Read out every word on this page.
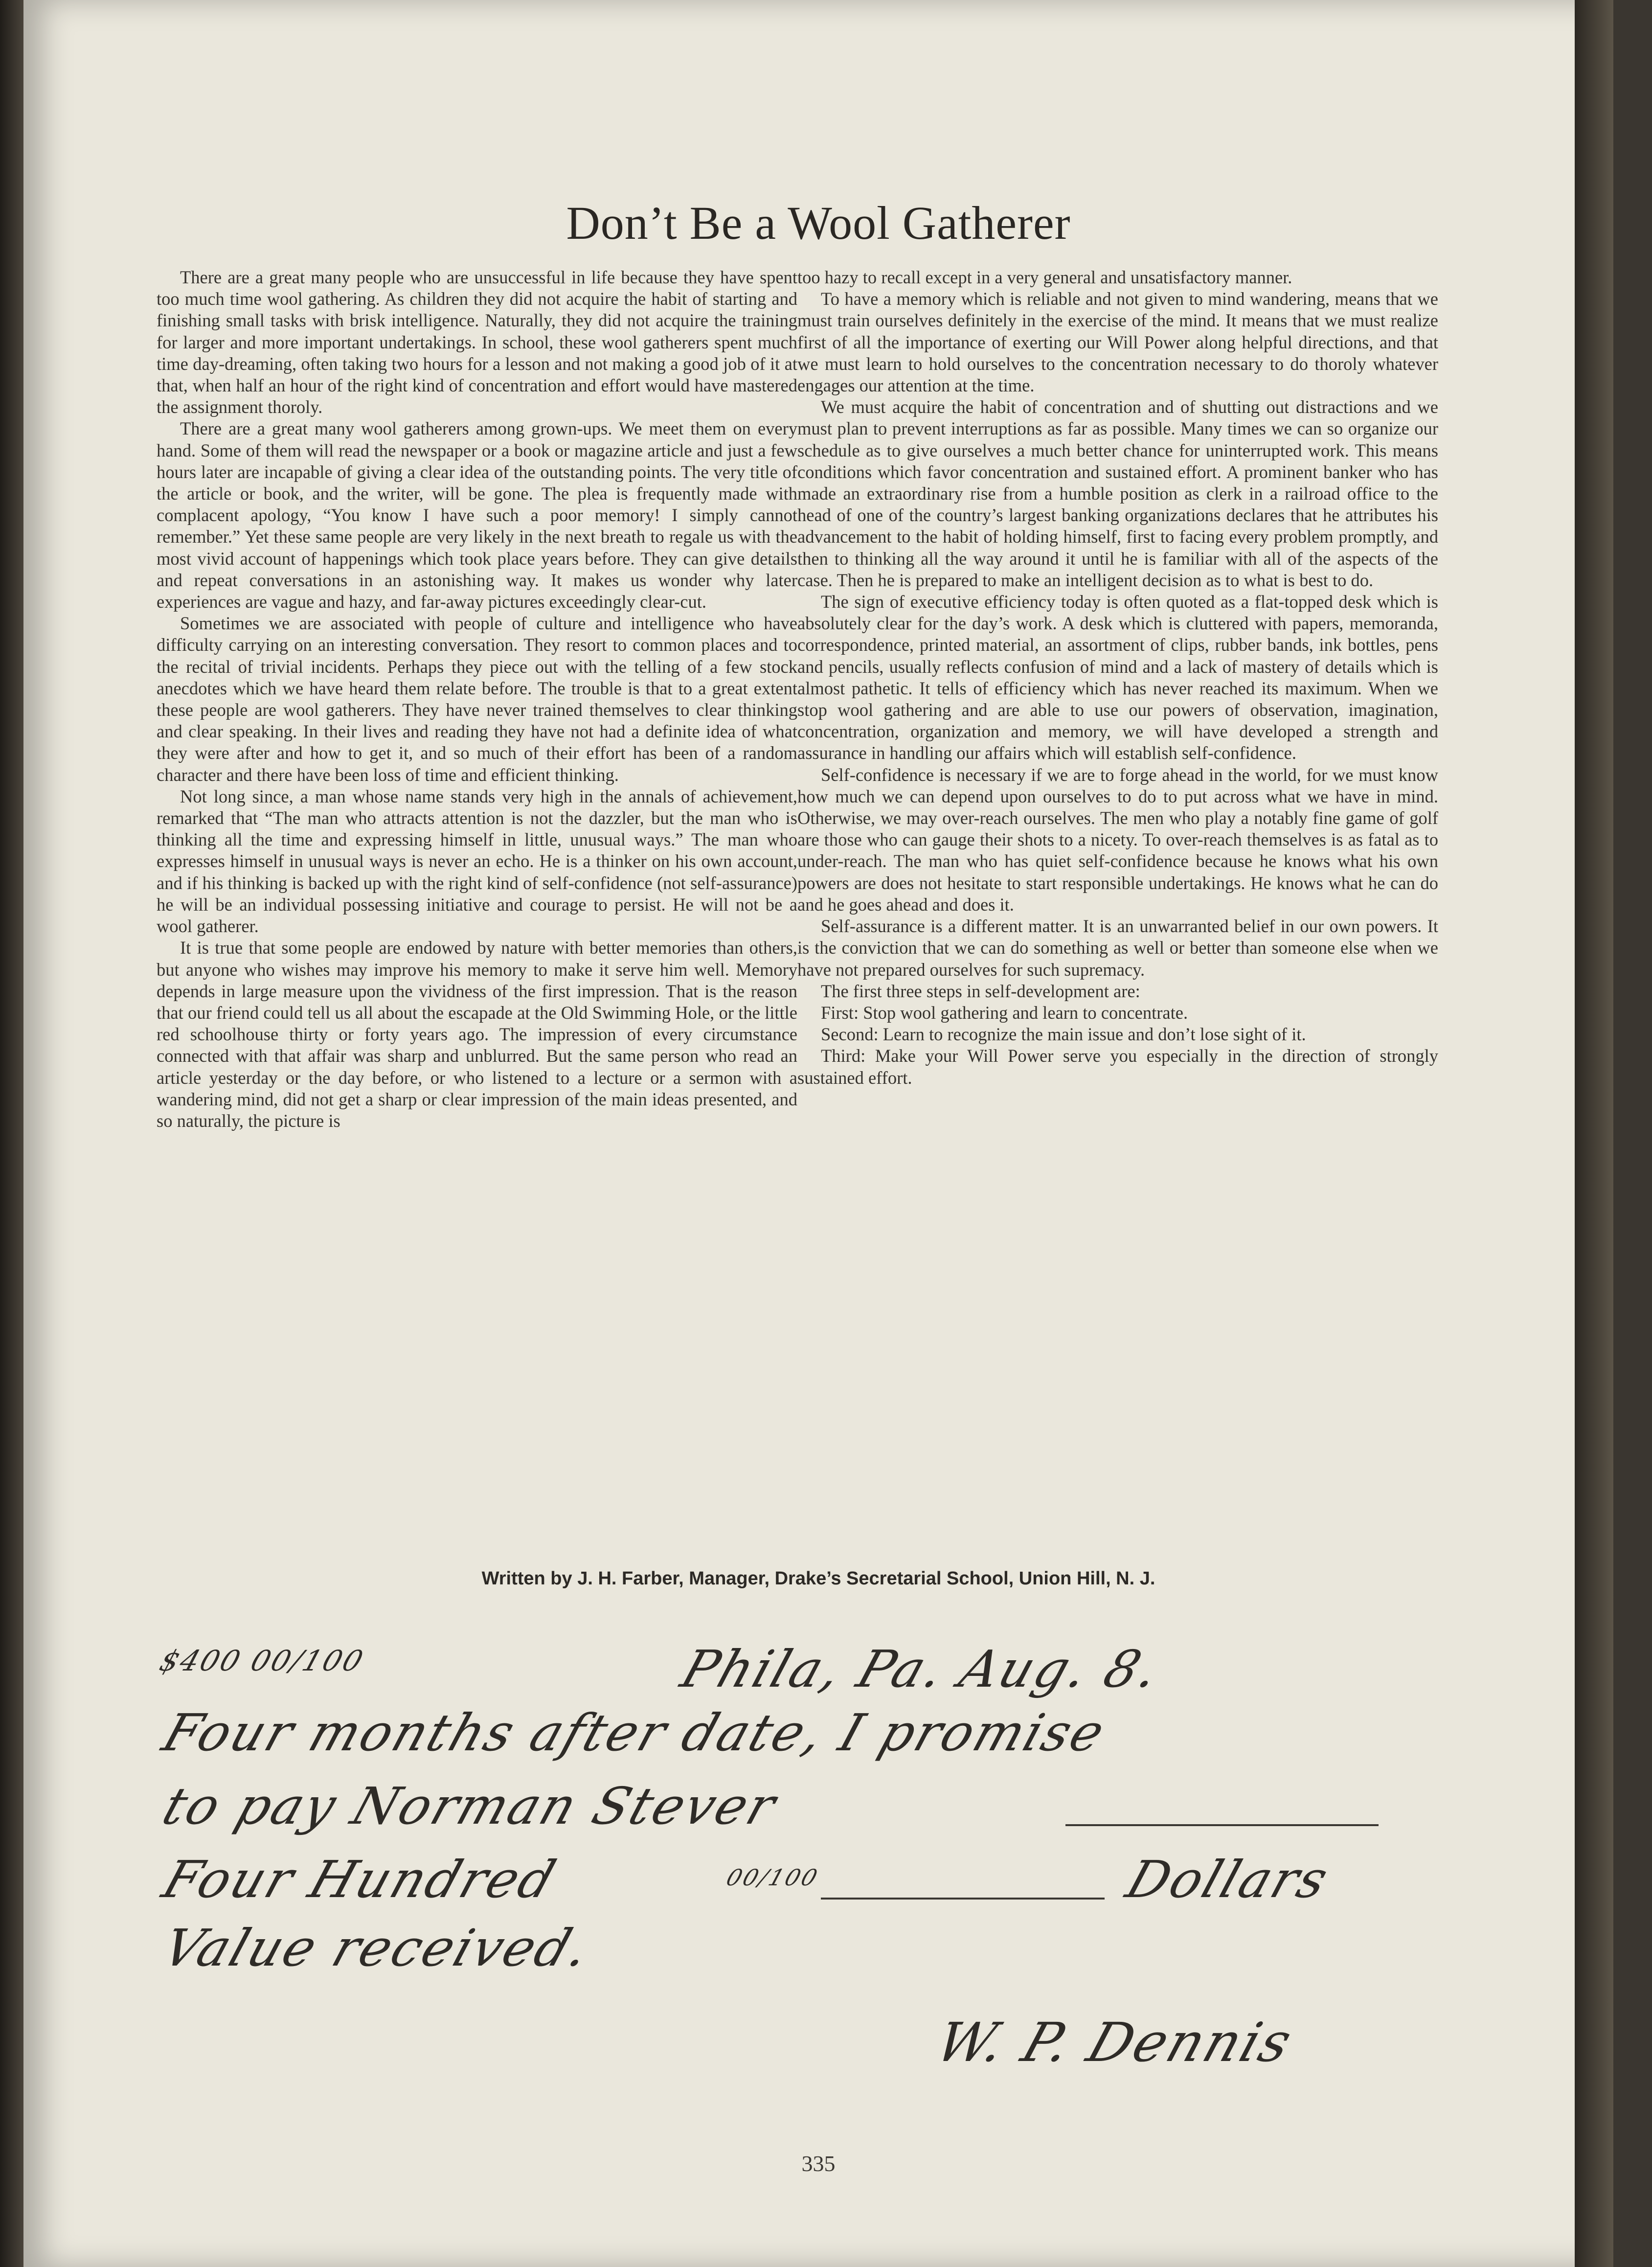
Don’t Be a Wool Gatherer

There are a great many people who are unsuccessful in life because they have spent too much time wool gathering. As children they did not acquire the habit of starting and finishing small tasks with brisk intelligence. Naturally, they did not acquire the training for larger and more important undertakings. In school, these wool gatherers spent much time day-dreaming, often taking two hours for a lesson and not making a good job of it at that, when half an hour of the right kind of concentration and effort would have mastered the assignment thoroly.

There are a great many wool gatherers among grown-ups. We meet them on every hand. Some of them will read the newspaper or a book or magazine article and just a few hours later are incapable of giving a clear idea of the outstanding points. The very title of the article or book, and the writer, will be gone. The plea is frequently made with complacent apology, “You know I have such a poor memory! I simply cannot remember.” Yet these same people are very likely in the next breath to regale us with the most vivid account of happenings which took place years before. They can give details and repeat conversations in an astonishing way. It makes us wonder why later experiences are vague and hazy, and far-away pictures exceedingly clear-cut.

Sometimes we are associated with people of culture and intelligence who have difficulty carrying on an interesting conversation. They resort to common places and to the recital of trivial incidents. Perhaps they piece out with the telling of a few stock anecdotes which we have heard them relate before. The trouble is that to a great extent these people are wool gatherers. They have never trained themselves to clear thinking and clear speaking. In their lives and reading they have not had a definite idea of what they were after and how to get it, and so much of their effort has been of a random character and there have been loss of time and efficient thinking.

Not long since, a man whose name stands very high in the annals of achievement, remarked that “The man who attracts attention is not the dazzler, but the man who is thinking all the time and expressing himself in little, unusual ways.” The man who expresses himself in unusual ways is never an echo. He is a thinker on his own account, and if his thinking is backed up with the right kind of self-confidence (not self-assurance) he will be an individual possessing initiative and courage to persist. He will not be a wool gatherer.

It is true that some people are endowed by nature with better memories than others, but anyone who wishes may improve his memory to make it serve him well. Memory depends in large measure upon the vividness of the first impression. That is the reason that our friend could tell us all about the escapade at the Old Swimming Hole, or the little red schoolhouse thirty or forty years ago. The impression of every circumstance connected with that affair was sharp and unblurred. But the same person who read an article yesterday or the day before, or who listened to a lecture or a sermon with a wandering mind, did not get a sharp or clear impression of the main ideas presented, and so naturally, the picture is

too hazy to recall except in a very general and unsatisfactory manner.

To have a memory which is reliable and not given to mind wandering, means that we must train ourselves definitely in the exercise of the mind. It means that we must realize first of all the importance of exerting our Will Power along helpful directions, and that we must learn to hold ourselves to the concentration necessary to do thoroly whatever engages our attention at the time.

We must acquire the habit of concentration and of shutting out distractions and we must plan to prevent interruptions as far as possible. Many times we can so organize our schedule as to give ourselves a much better chance for uninterrupted work. This means conditions which favor concentration and sustained effort. A prominent banker who has made an extraordinary rise from a humble position as clerk in a railroad office to the head of one of the country’s largest banking organizations declares that he attributes his advancement to the habit of holding himself, first to facing every problem promptly, and then to thinking all the way around it until he is familiar with all of the aspects of the case. Then he is prepared to make an intelligent decision as to what is best to do.

The sign of executive efficiency today is often quoted as a flat-topped desk which is absolutely clear for the day’s work. A desk which is cluttered with papers, memoranda, correspondence, printed material, an assortment of clips, rubber bands, ink bottles, pens and pencils, usually reflects confusion of mind and a lack of mastery of details which is almost pathetic. It tells of efficiency which has never reached its maximum. When we stop wool gathering and are able to use our powers of observation, imagination, concentration, organization and memory, we will have developed a strength and assurance in handling our affairs which will establish self-confidence.

Self-confidence is necessary if we are to forge ahead in the world, for we must know how much we can depend upon ourselves to do to put across what we have in mind. Otherwise, we may over-reach ourselves. The men who play a notably fine game of golf are those who can gauge their shots to a nicety. To over-reach themselves is as fatal as to under-reach. The man who has quiet self-confidence because he knows what his own powers are does not hesitate to start responsible undertakings. He knows what he can do and he goes ahead and does it.

Self-assurance is a different matter. It is an unwarranted belief in our own powers. It is the conviction that we can do something as well or better than someone else when we have not prepared ourselves for such supremacy.

The first three steps in self-development are:

First: Stop wool gathering and learn to concentrate.

Second: Learn to recognize the main issue and don’t lose sight of it.

Third: Make your Will Power serve you especially in the direction of strongly sustained effort.

Written by J. H. Farber, Manager, Drake’s Secretarial School, Union Hill, N. J.
$400 00/100	Phila, Pa. Aug. 8.
Four months after date, I promise
to pay Norman Stever
Four Hundred	00/100	Dollars
Value received.
W. P. Dennis
335
